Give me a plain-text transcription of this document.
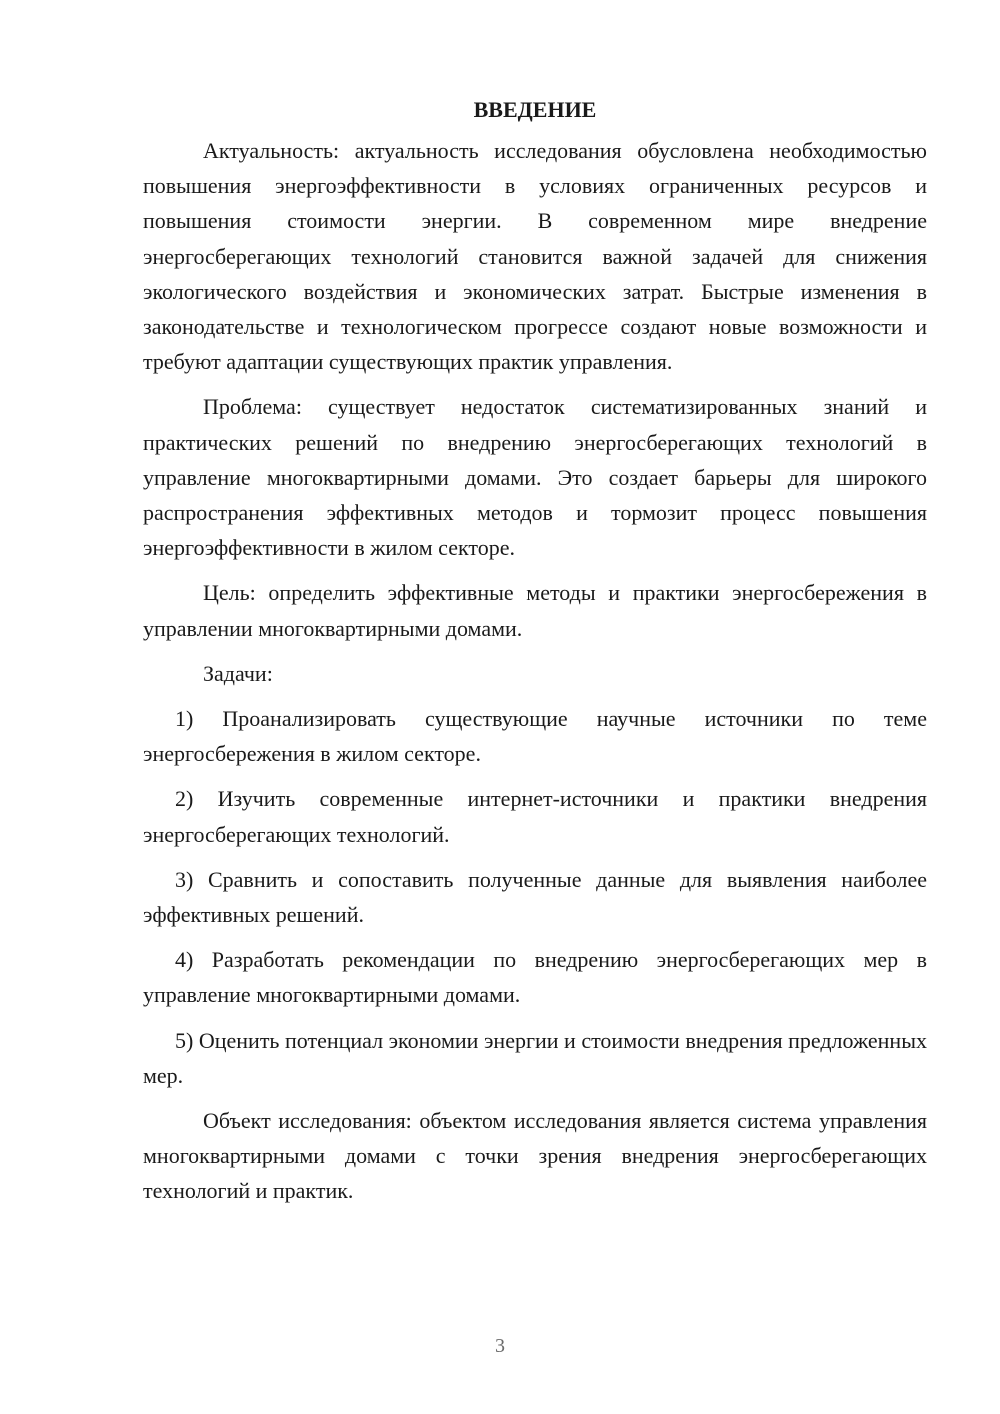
ВВЕДЕНИЕ

Актуальность: актуальность исследования обусловлена необходимостью повышения энергоэффективности в условиях ограниченных ресурсов и повышения стоимости энергии. В современном мире внедрение энергосберегающих технологий становится важной задачей для снижения экологического воздействия и экономических затрат. Быстрые изменения в законодательстве и технологическом прогрессе создают новые возможности и требуют адаптации существующих практик управления.

Проблема: существует недостаток систематизированных знаний и практических решений по внедрению энергосберегающих технологий в управление многоквартирными домами. Это создает барьеры для широкого распространения эффективных методов и тормозит процесс повышения энергоэффективности в жилом секторе.

Цель: определить эффективные методы и практики энергосбережения в управлении многоквартирными домами.

Задачи:

1) Проанализировать существующие научные источники по теме энергосбережения в жилом секторе.

2) Изучить современные интернет-источники и практики внедрения энергосберегающих технологий.

3) Сравнить и сопоставить полученные данные для выявления наиболее эффективных решений.

4) Разработать рекомендации по внедрению энергосберегающих мер в управление многоквартирными домами.

5) Оценить потенциал экономии энергии и стоимости внедрения предложенных мер.

Объект исследования: объектом исследования является система управления многоквартирными домами с точки зрения внедрения энергосберегающих технологий и практик.

3
